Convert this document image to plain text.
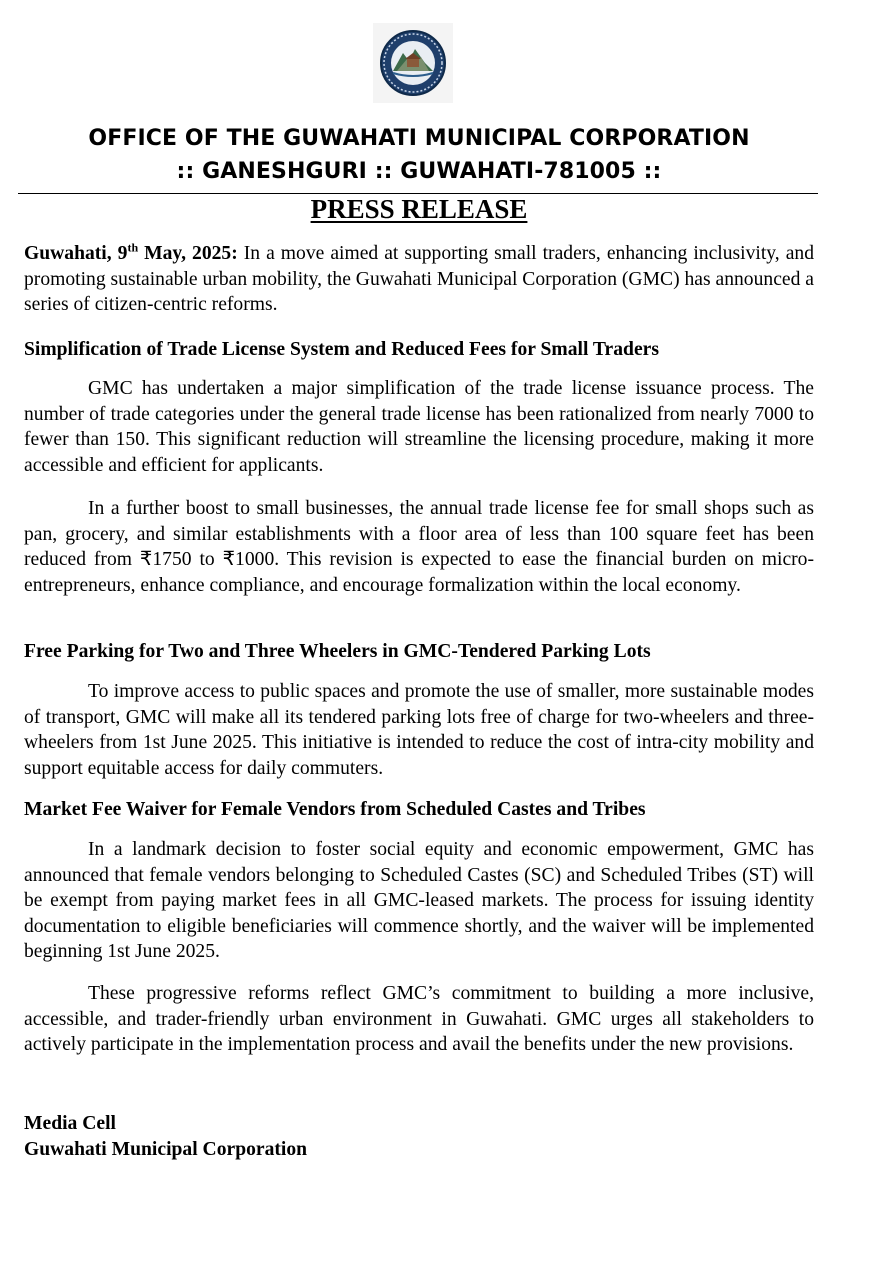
OFFICE OF THE GUWAHATI MUNICIPAL CORPORATION
:: GANESHGURI :: GUWAHATI-781005 ::
PRESS RELEASE

Guwahati, 9th May, 2025: In a move aimed at supporting small traders, enhancing inclusivity, and promoting sustainable urban mobility, the Guwahati Municipal Corporation (GMC) has announced a series of citizen-centric reforms.

Simplification of Trade License System and Reduced Fees for Small Traders

GMC has undertaken a major simplification of the trade license issuance process. The number of trade categories under the general trade license has been rationalized from nearly 7000 to fewer than 150. This significant reduction will streamline the licensing procedure, making it more accessible and efficient for applicants.

In a further boost to small businesses, the annual trade license fee for small shops such as pan, grocery, and similar establishments with a floor area of less than 100 square feet has been reduced from ₹1750 to ₹1000. This revision is expected to ease the financial burden on micro-entrepreneurs, enhance compliance, and encourage formalization within the local economy.

Free Parking for Two and Three Wheelers in GMC-Tendered Parking Lots

To improve access to public spaces and promote the use of smaller, more sustainable modes of transport, GMC will make all its tendered parking lots free of charge for two-wheelers and three-wheelers from 1st June 2025. This initiative is intended to reduce the cost of intra-city mobility and support equitable access for daily commuters.

Market Fee Waiver for Female Vendors from Scheduled Castes and Tribes

In a landmark decision to foster social equity and economic empowerment, GMC has announced that female vendors belonging to Scheduled Castes (SC) and Scheduled Tribes (ST) will be exempt from paying market fees in all GMC-leased markets. The process for issuing identity documentation to eligible beneficiaries will commence shortly, and the waiver will be implemented beginning 1st June 2025.

These progressive reforms reflect GMC’s commitment to building a more inclusive, accessible, and trader-friendly urban environment in Guwahati. GMC urges all stakeholders to actively participate in the implementation process and avail the benefits under the new provisions.

Media Cell
Guwahati Municipal Corporation
